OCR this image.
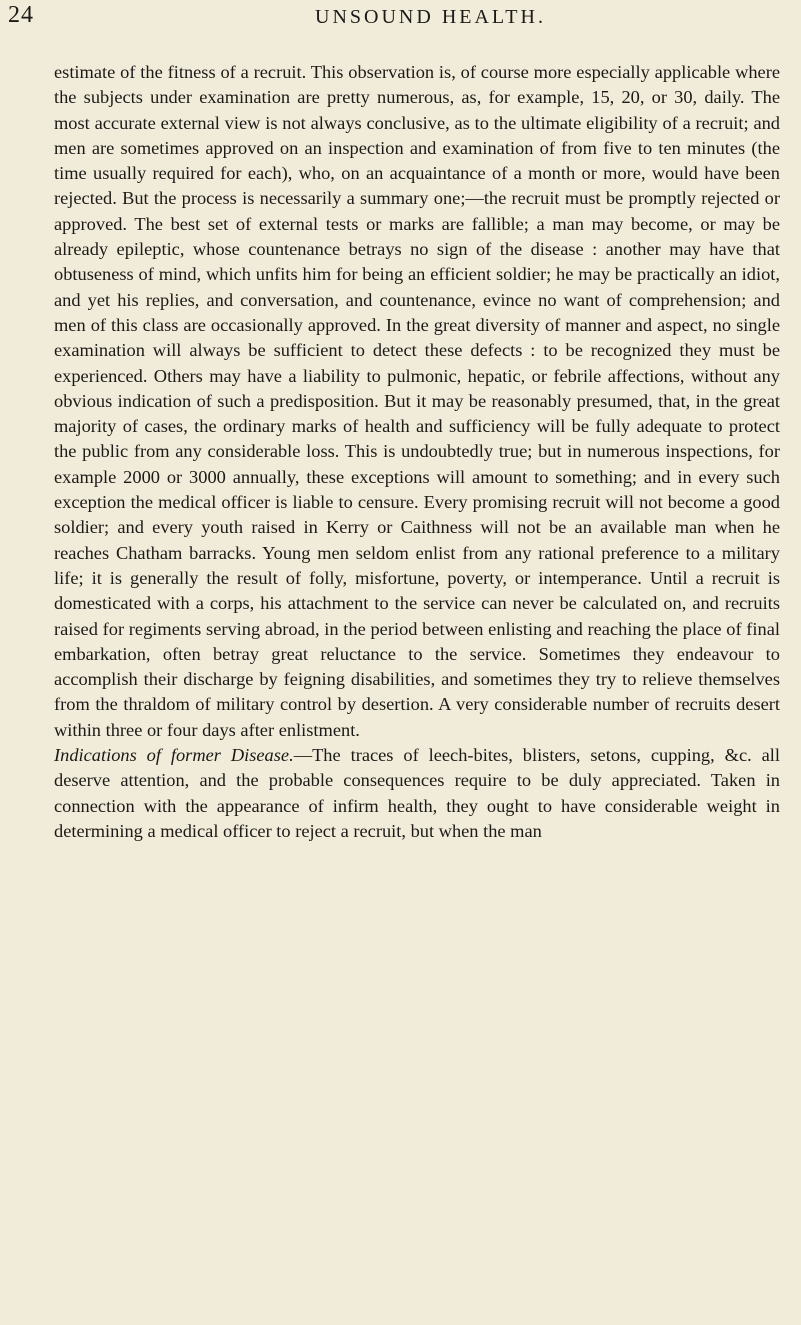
24	UNSOUND HEALTH.

estimate of the fitness of a recruit. This observation is, of course more especially applicable where the subjects under examination are pretty numerous, as, for example, 15, 20, or 30, daily. The most accurate external view is not always conclusive, as to the ultimate eligibility of a recruit; and men are sometimes approved on an inspection and examination of from five to ten minutes (the time usually required for each), who, on an acquaintance of a month or more, would have been rejected. But the process is necessarily a summary one;—the recruit must be promptly rejected or approved. The best set of external tests or marks are fallible; a man may become, or may be already epileptic, whose countenance betrays no sign of the disease : another may have that obtuseness of mind, which unfits him for being an efficient soldier; he may be practically an idiot, and yet his replies, and conversation, and countenance, evince no want of comprehension; and men of this class are occasionally approved. In the great diversity of manner and aspect, no single examination will always be sufficient to detect these defects : to be recognized they must be experienced. Others may have a liability to pulmonic, hepatic, or febrile affections, without any obvious indication of such a predisposition. But it may be reasonably presumed, that, in the great majority of cases, the ordinary marks of health and sufficiency will be fully adequate to protect the public from any considerable loss. This is undoubtedly true; but in numerous inspections, for example 2000 or 3000 annually, these exceptions will amount to something; and in every such exception the medical officer is liable to censure. Every promising recruit will not become a good soldier; and every youth raised in Kerry or Caithness will not be an available man when he reaches Chatham barracks. Young men seldom enlist from any rational preference to a military life; it is generally the result of folly, misfortune, poverty, or intemperance. Until a recruit is domesticated with a corps, his attachment to the service can never be calculated on, and recruits raised for regiments serving abroad, in the period between enlisting and reaching the place of final embarkation, often betray great reluctance to the service. Sometimes they endeavour to accomplish their discharge by feigning disabilities, and sometimes they try to relieve themselves from the thraldom of military control by desertion. A very considerable number of recruits desert within three or four days after enlistment.

Indications of former Disease.—The traces of leech-bites, blisters, setons, cupping, &c. all deserve attention, and the probable consequences require to be duly appreciated. Taken in connection with the appearance of infirm health, they ought to have considerable weight in determining a medical officer to reject a recruit, but when the man
